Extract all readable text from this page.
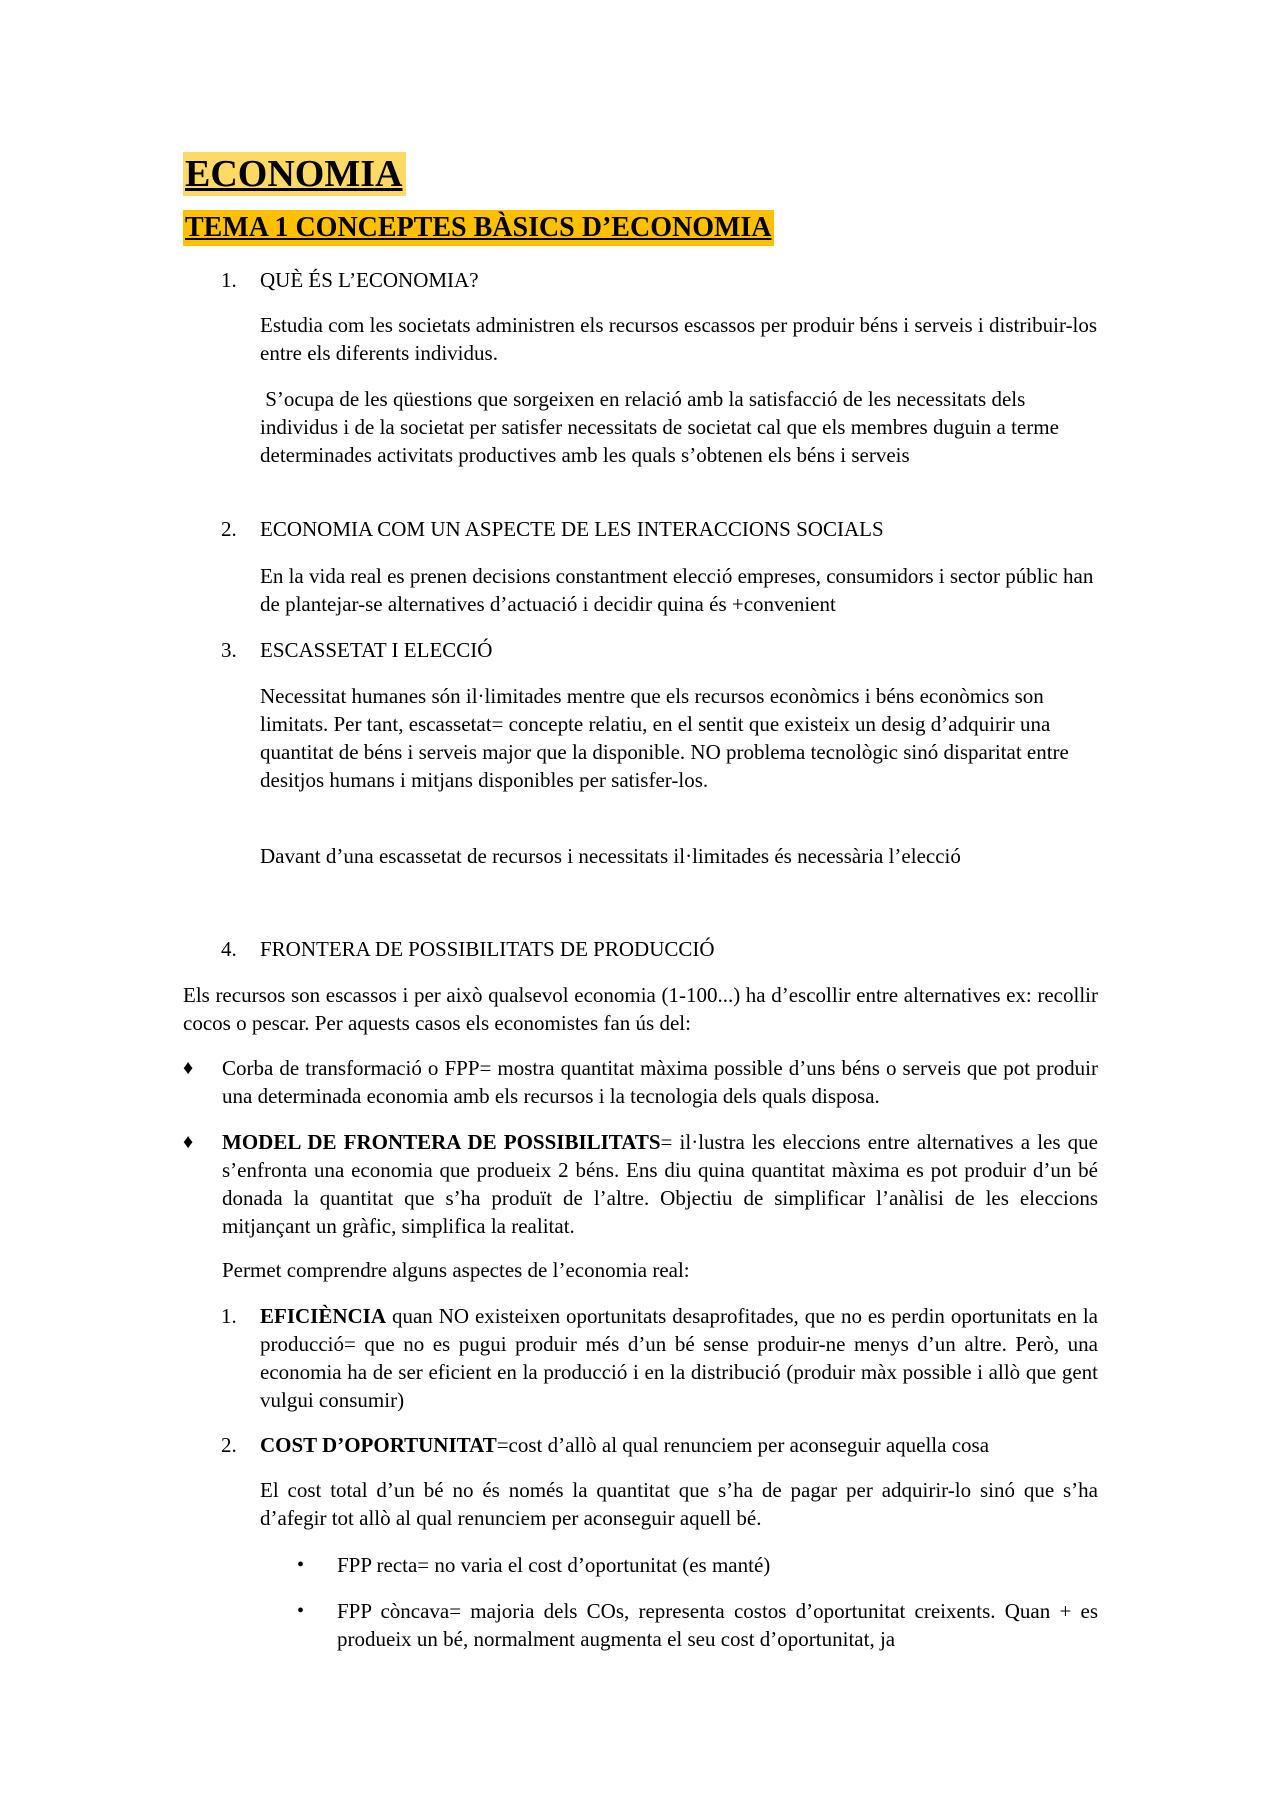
ECONOMIA
TEMA 1 CONCEPTES BÀSICS D’ECONOMIA
1. QUÈ ÉS L’ECONOMIA?

Estudia com les societats administren els recursos escassos per produir béns i serveis i distribuir-los entre els diferents individus.

S’ocupa de les qüestions que sorgeixen en relació amb la satisfacció de les necessitats dels individus i de la societat per satisfer necessitats de societat cal que els membres duguin a terme determinades activitats productives amb les quals s’obtenen els béns i serveis

2. ECONOMIA COM UN ASPECTE DE LES INTERACCIONS SOCIALS

En la vida real es prenen decisions constantment elecció empreses, consumidors i sector públic han de plantejar-se alternatives d’actuació i decidir quina és +convenient

3. ESCASSETAT I ELECCIÓ

Necessitat humanes són il·limitades mentre que els recursos econòmics i béns econòmics son limitats. Per tant, escassetat= concepte relatiu, en el sentit que existeix un desig d’adquirir una quantitat de béns i serveis major que la disponible. NO problema tecnològic sinó disparitat entre desitjos humans i mitjans disponibles per satisfer-los.

Davant d’una escassetat de recursos i necessitats il·limitades és necessària l’elecció

4. FRONTERA DE POSSIBILITATS DE PRODUCCIÓ

Els recursos son escassos i per això qualsevol economia (1-100...) ha d’escollir entre alternatives ex: recollir cocos o pescar. Per aquests casos els economistes fan ús del:

♦ Corba de transformació o FPP= mostra quantitat màxima possible d’uns béns o serveis que pot produir una determinada economia amb els recursos i la tecnologia dels quals disposa.

♦ MODEL DE FRONTERA DE POSSIBILITATS= il·lustra les eleccions entre alternatives a les que s’enfronta una economia que produeix 2 béns. Ens diu quina quantitat màxima es pot produir d’un bé donada la quantitat que s’ha produït de l’altre. Objectiu de simplificar l’anàlisi de les eleccions mitjançant un gràfic, simplifica la realitat.

Permet comprendre alguns aspectes de l’economia real:

1. EFICIÈNCIA quan NO existeixen oportunitats desaprofitades, que no es perdin oportunitats en la producció= que no es pugui produir més d’un bé sense produir-ne menys d’un altre. Però, una economia ha de ser eficient en la producció i en la distribució (produir màx possible i allò que gent vulgui consumir)

2. COST D’OPORTUNITAT=cost d’allò al qual renunciem per aconseguir aquella cosa

El cost total d’un bé no és només la quantitat que s’ha de pagar per adquirir-lo sinó que s’ha d’afegir tot allò al qual renunciem per aconseguir aquell bé.

• FPP recta= no varia el cost d’oportunitat (es manté)

• FPP còncava= majoria dels COs, representa costos d’oportunitat creixents. Quan + es produeix un bé, normalment augmenta el seu cost d’oportunitat, ja
